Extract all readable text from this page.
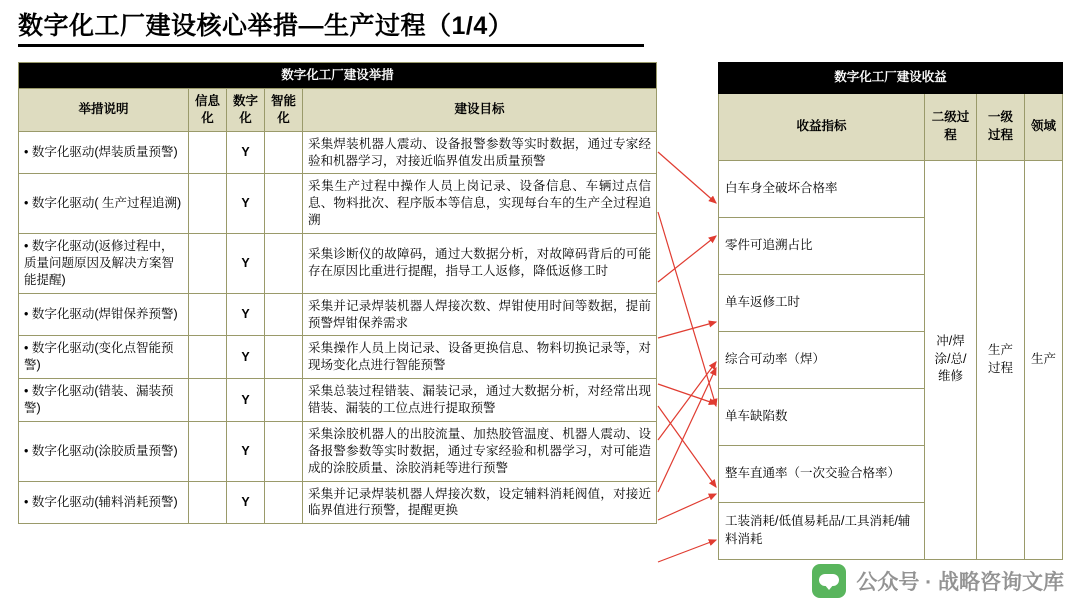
数字化工厂建设核心举措—生产过程（1/4）
数字化工厂建设举措				
举措说明	信息化	数字化	智能化	建设目标
• 数字化驱动(焊装质量预警)		Y		采集焊装机器人震动、设备报警参数等实时数据，通过专家经验和机器学习，对接近临界值发出质量预警
• 数字化驱动( 生产过程追溯)		Y		采集生产过程中操作人员上岗记录、设备信息、车辆过点信息、物料批次、程序版本等信息，实现每台车的生产全过程追溯
• 数字化驱动(返修过程中，质量问题原因及解决方案智能提醒)		Y		采集诊断仪的故障码，通过大数据分析，对故障码背后的可能存在原因比重进行提醒，指导工人返修，降低返修工时
• 数字化驱动(焊钳保养预警)		Y		采集并记录焊装机器人焊接次数、焊钳使用时间等数据，提前预警焊钳保养需求
• 数字化驱动(变化点智能预警)		Y		采集操作人员上岗记录、设备更换信息、物料切换记录等，对现场变化点进行智能预警
• 数字化驱动(错装、漏装预警)		Y		采集总装过程错装、漏装记录，通过大数据分析，对经常出现错装、漏装的工位点进行提取预警
• 数字化驱动(涂胶质量预警)		Y		采集涂胶机器人的出胶流量、加热胶管温度、机器人震动、设备报警参数等实时数据，通过专家经验和机器学习，对可能造成的涂胶质量、涂胶消耗等进行预警
• 数字化驱动(辅料消耗预警)		Y		采集并记录焊装机器人焊接次数，设定辅料消耗阀值，对接近临界值进行预警，提醒更换
数字化工厂建设收益			
收益指标	二级过程	一级过程	领域
白车身全破坏合格率	冲/焊涂/总/维修	生产过程	生产
零件可追溯占比			
单车返修工时			
综合可动率（焊）			
单车缺陷数			
整车直通率（一次交验合格率）			
工装消耗/低值易耗品/工具消耗/辅料消耗			
公众号 · 战略咨询文库
